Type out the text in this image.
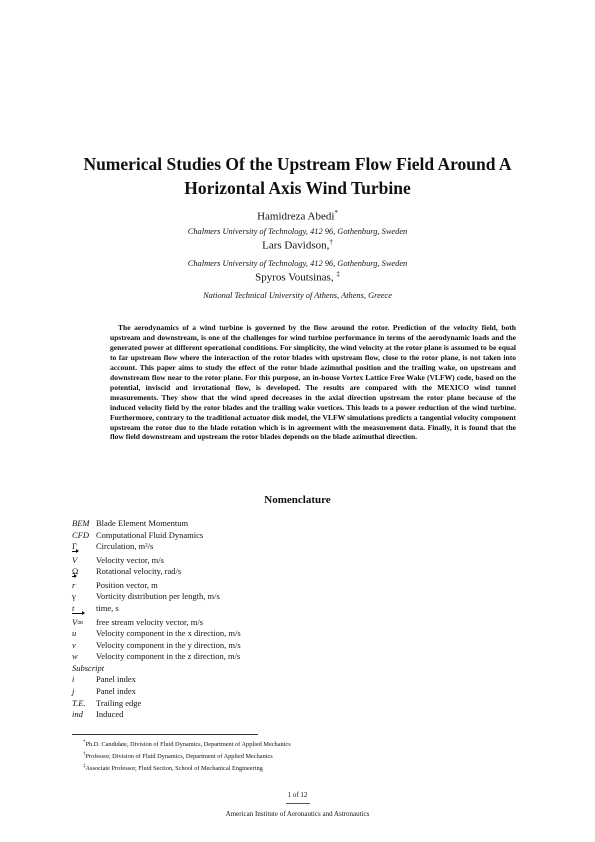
Numerical Studies Of the Upstream Flow Field Around A
Horizontal Axis Wind Turbine
Hamidreza Abedi*
Chalmers University of Technology, 412 96, Gothenburg, Sweden
Lars Davidson,†
Chalmers University of Technology, 412 96, Gothenburg, Sweden
Spyros Voutsinas, ‡
National Technical University of Athens, Athens, Greece

The aerodynamics of a wind turbine is governed by the flow around the rotor. Prediction of the velocity field, both upstream and downstream, is one of the challenges for wind turbine performance in terms of the aerodynamic loads and the generated power at different operational conditions. For simplicity, the wind velocity at the rotor plane is assumed to be equal to far upstream flow where the interaction of the rotor blades with upstream flow, close to the rotor plane, is not taken into account. This paper aims to study the effect of the rotor blade azimuthal position and the trailing wake, on upstream and downstream flow near to the rotor plane. For this purpose, an in-house Vortex Lattice Free Wake (VLFW) code, based on the potential, inviscid and irrotational flow, is developed. The results are compared with the MEXICO wind tunnel measurements. They show that the wind speed decreases in the axial direction upstream the rotor plane because of the induced velocity field by the rotor blades and the trailing wake vortices. This leads to a power reduction of the wind turbine. Furthermore, contrary to the traditional actuator disk model, the VLFW simulations predicts a tangential velocity component upstream the rotor due to the blade rotation which is in agreement with the measurement data. Finally, it is found that the flow field downstream and upstream the rotor blades depends on the blade azimuthal direction.

Nomenclature
BEM Blade Element Momentum
CFD Computational Fluid Dynamics
Γ	Circulation, m²/s
V	Velocity vector, m/s
Ω	Rotational velocity, rad/s
r	Position vector, m
γ	Vorticity distribution per length, m/s
t	time, s
V∞	free stream velocity vector, m/s
u	Velocity component in the x direction, m/s
v	Velocity component in the y direction, m/s
w	Velocity component in the z direction, m/s
Subscript
i	Panel index
j	Panel index
T.E.	Trailing edge
ind	Induced
*Ph.D. Candidate, Division of Fluid Dynamics, Department of Applied Mechanics
†Professor, Division of Fluid Dynamics, Department of Applied Mechanics
‡Associate Professor, Fluid Section, School of Mechanical Engineering
1 of 12
American Institute of Aeronautics and Astronautics
